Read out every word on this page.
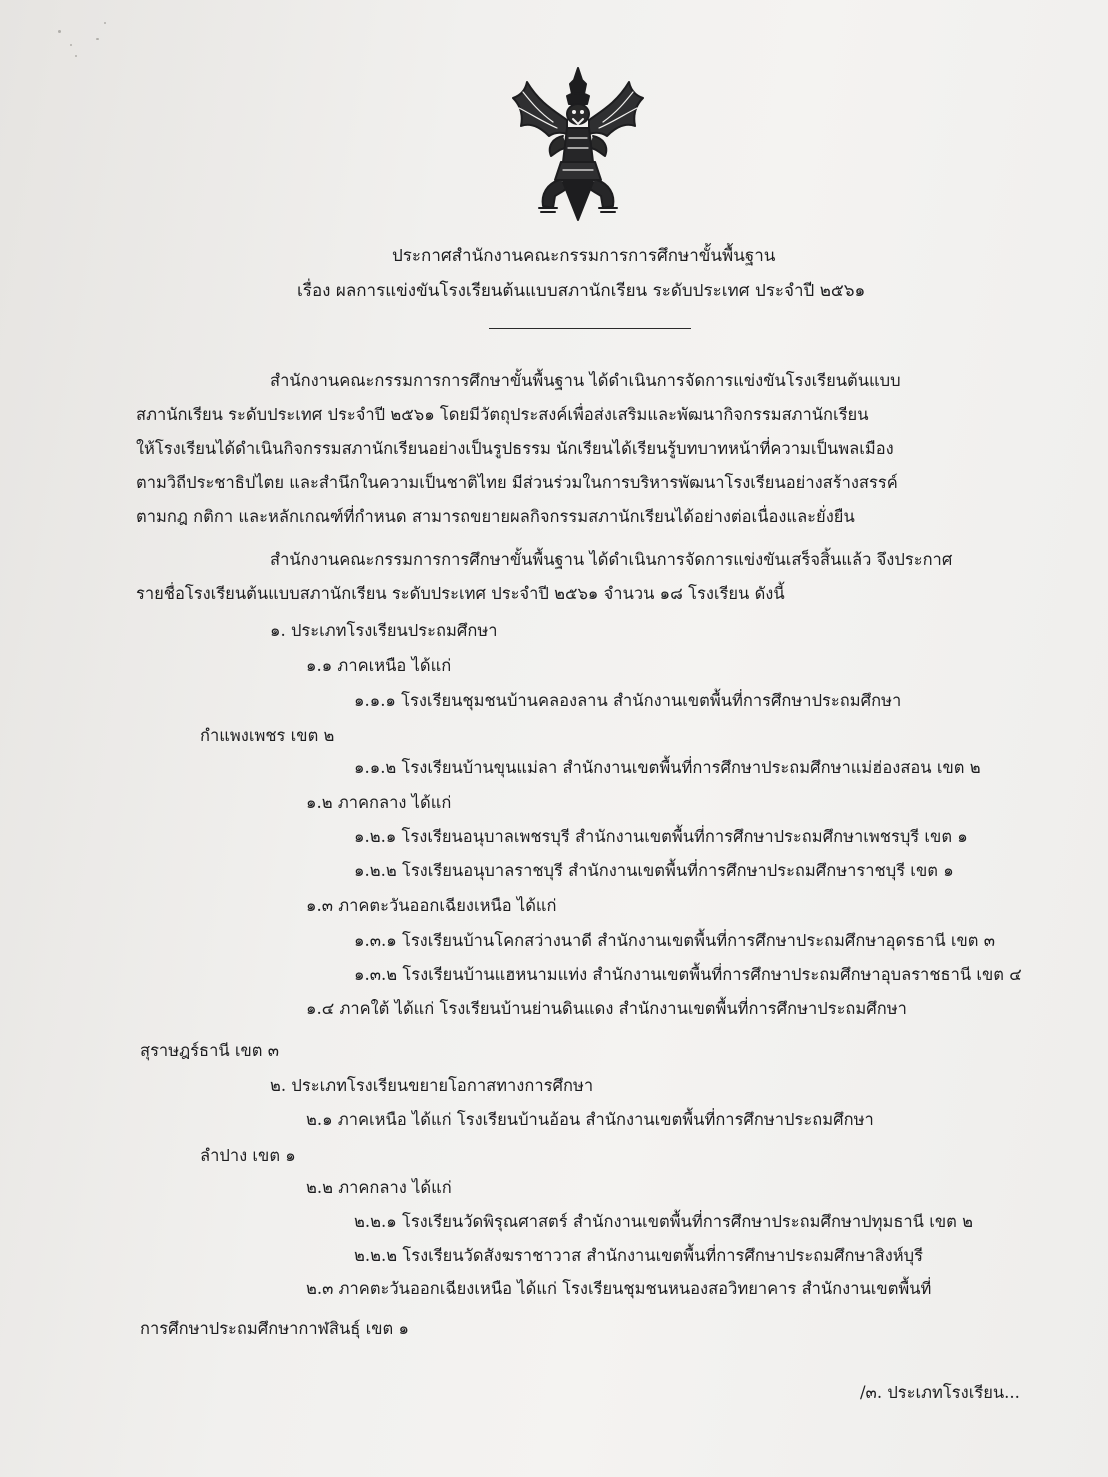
ประกาศสำนักงานคณะกรรมการการศึกษาขั้นพื้นฐาน
เรื่อง ผลการแข่งขันโรงเรียนต้นแบบสภานักเรียน ระดับประเทศ ประจำปี ๒๕๖๑
สำนักงานคณะกรรมการการศึกษาขั้นพื้นฐาน ได้ดำเนินการจัดการแข่งขันโรงเรียนต้นแบบ
สภานักเรียน ระดับประเทศ ประจำปี ๒๕๖๑ โดยมีวัตถุประสงค์เพื่อส่งเสริมและพัฒนากิจกรรมสภานักเรียน
ให้โรงเรียนได้ดำเนินกิจกรรมสภานักเรียนอย่างเป็นรูปธรรม นักเรียนได้เรียนรู้บทบาทหน้าที่ความเป็นพลเมือง
ตามวิถีประชาธิปไตย และสำนึกในความเป็นชาติไทย มีส่วนร่วมในการบริหารพัฒนาโรงเรียนอย่างสร้างสรรค์
ตามกฎ กติกา และหลักเกณฑ์ที่กำหนด สามารถขยายผลกิจกรรมสภานักเรียนได้อย่างต่อเนื่องและยั่งยืน
สำนักงานคณะกรรมการการศึกษาขั้นพื้นฐาน ได้ดำเนินการจัดการแข่งขันเสร็จสิ้นแล้ว จึงประกาศ
รายชื่อโรงเรียนต้นแบบสภานักเรียน ระดับประเทศ ประจำปี ๒๕๖๑ จำนวน ๑๘ โรงเรียน ดังนี้
๑. ประเภทโรงเรียนประถมศึกษา
๑.๑ ภาคเหนือ ได้แก่
๑.๑.๑ โรงเรียนชุมชนบ้านคลองลาน สำนักงานเขตพื้นที่การศึกษาประถมศึกษา
กำแพงเพชร เขต ๒
๑.๑.๒ โรงเรียนบ้านขุนแม่ลา สำนักงานเขตพื้นที่การศึกษาประถมศึกษาแม่ฮ่องสอน เขต ๒
๑.๒ ภาคกลาง ได้แก่
๑.๒.๑ โรงเรียนอนุบาลเพชรบุรี สำนักงานเขตพื้นที่การศึกษาประถมศึกษาเพชรบุรี เขต ๑
๑.๒.๒ โรงเรียนอนุบาลราชบุรี สำนักงานเขตพื้นที่การศึกษาประถมศึกษาราชบุรี เขต ๑
๑.๓ ภาคตะวันออกเฉียงเหนือ ได้แก่
๑.๓.๑ โรงเรียนบ้านโคกสว่างนาดี สำนักงานเขตพื้นที่การศึกษาประถมศึกษาอุดรธานี เขต ๓
๑.๓.๒ โรงเรียนบ้านแฮหนามแท่ง สำนักงานเขตพื้นที่การศึกษาประถมศึกษาอุบลราชธานี เขต ๔
๑.๔ ภาคใต้ ได้แก่ โรงเรียนบ้านย่านดินแดง สำนักงานเขตพื้นที่การศึกษาประถมศึกษา
สุราษฎร์ธานี เขต ๓
๒. ประเภทโรงเรียนขยายโอกาสทางการศึกษา
๒.๑ ภาคเหนือ ได้แก่ โรงเรียนบ้านอ้อน สำนักงานเขตพื้นที่การศึกษาประถมศึกษา
ลำปาง เขต ๑
๒.๒ ภาคกลาง ได้แก่
๒.๒.๑ โรงเรียนวัดพิรุณศาสตร์ สำนักงานเขตพื้นที่การศึกษาประถมศึกษาปทุมธานี เขต ๒
๒.๒.๒ โรงเรียนวัดสังฆราชาวาส สำนักงานเขตพื้นที่การศึกษาประถมศึกษาสิงห์บุรี
๒.๓ ภาคตะวันออกเฉียงเหนือ ได้แก่ โรงเรียนชุมชนหนองสอวิทยาคาร สำนักงานเขตพื้นที่
การศึกษาประถมศึกษากาฬสินธุ์ เขต ๑
/๓. ประเภทโรงเรียน...
